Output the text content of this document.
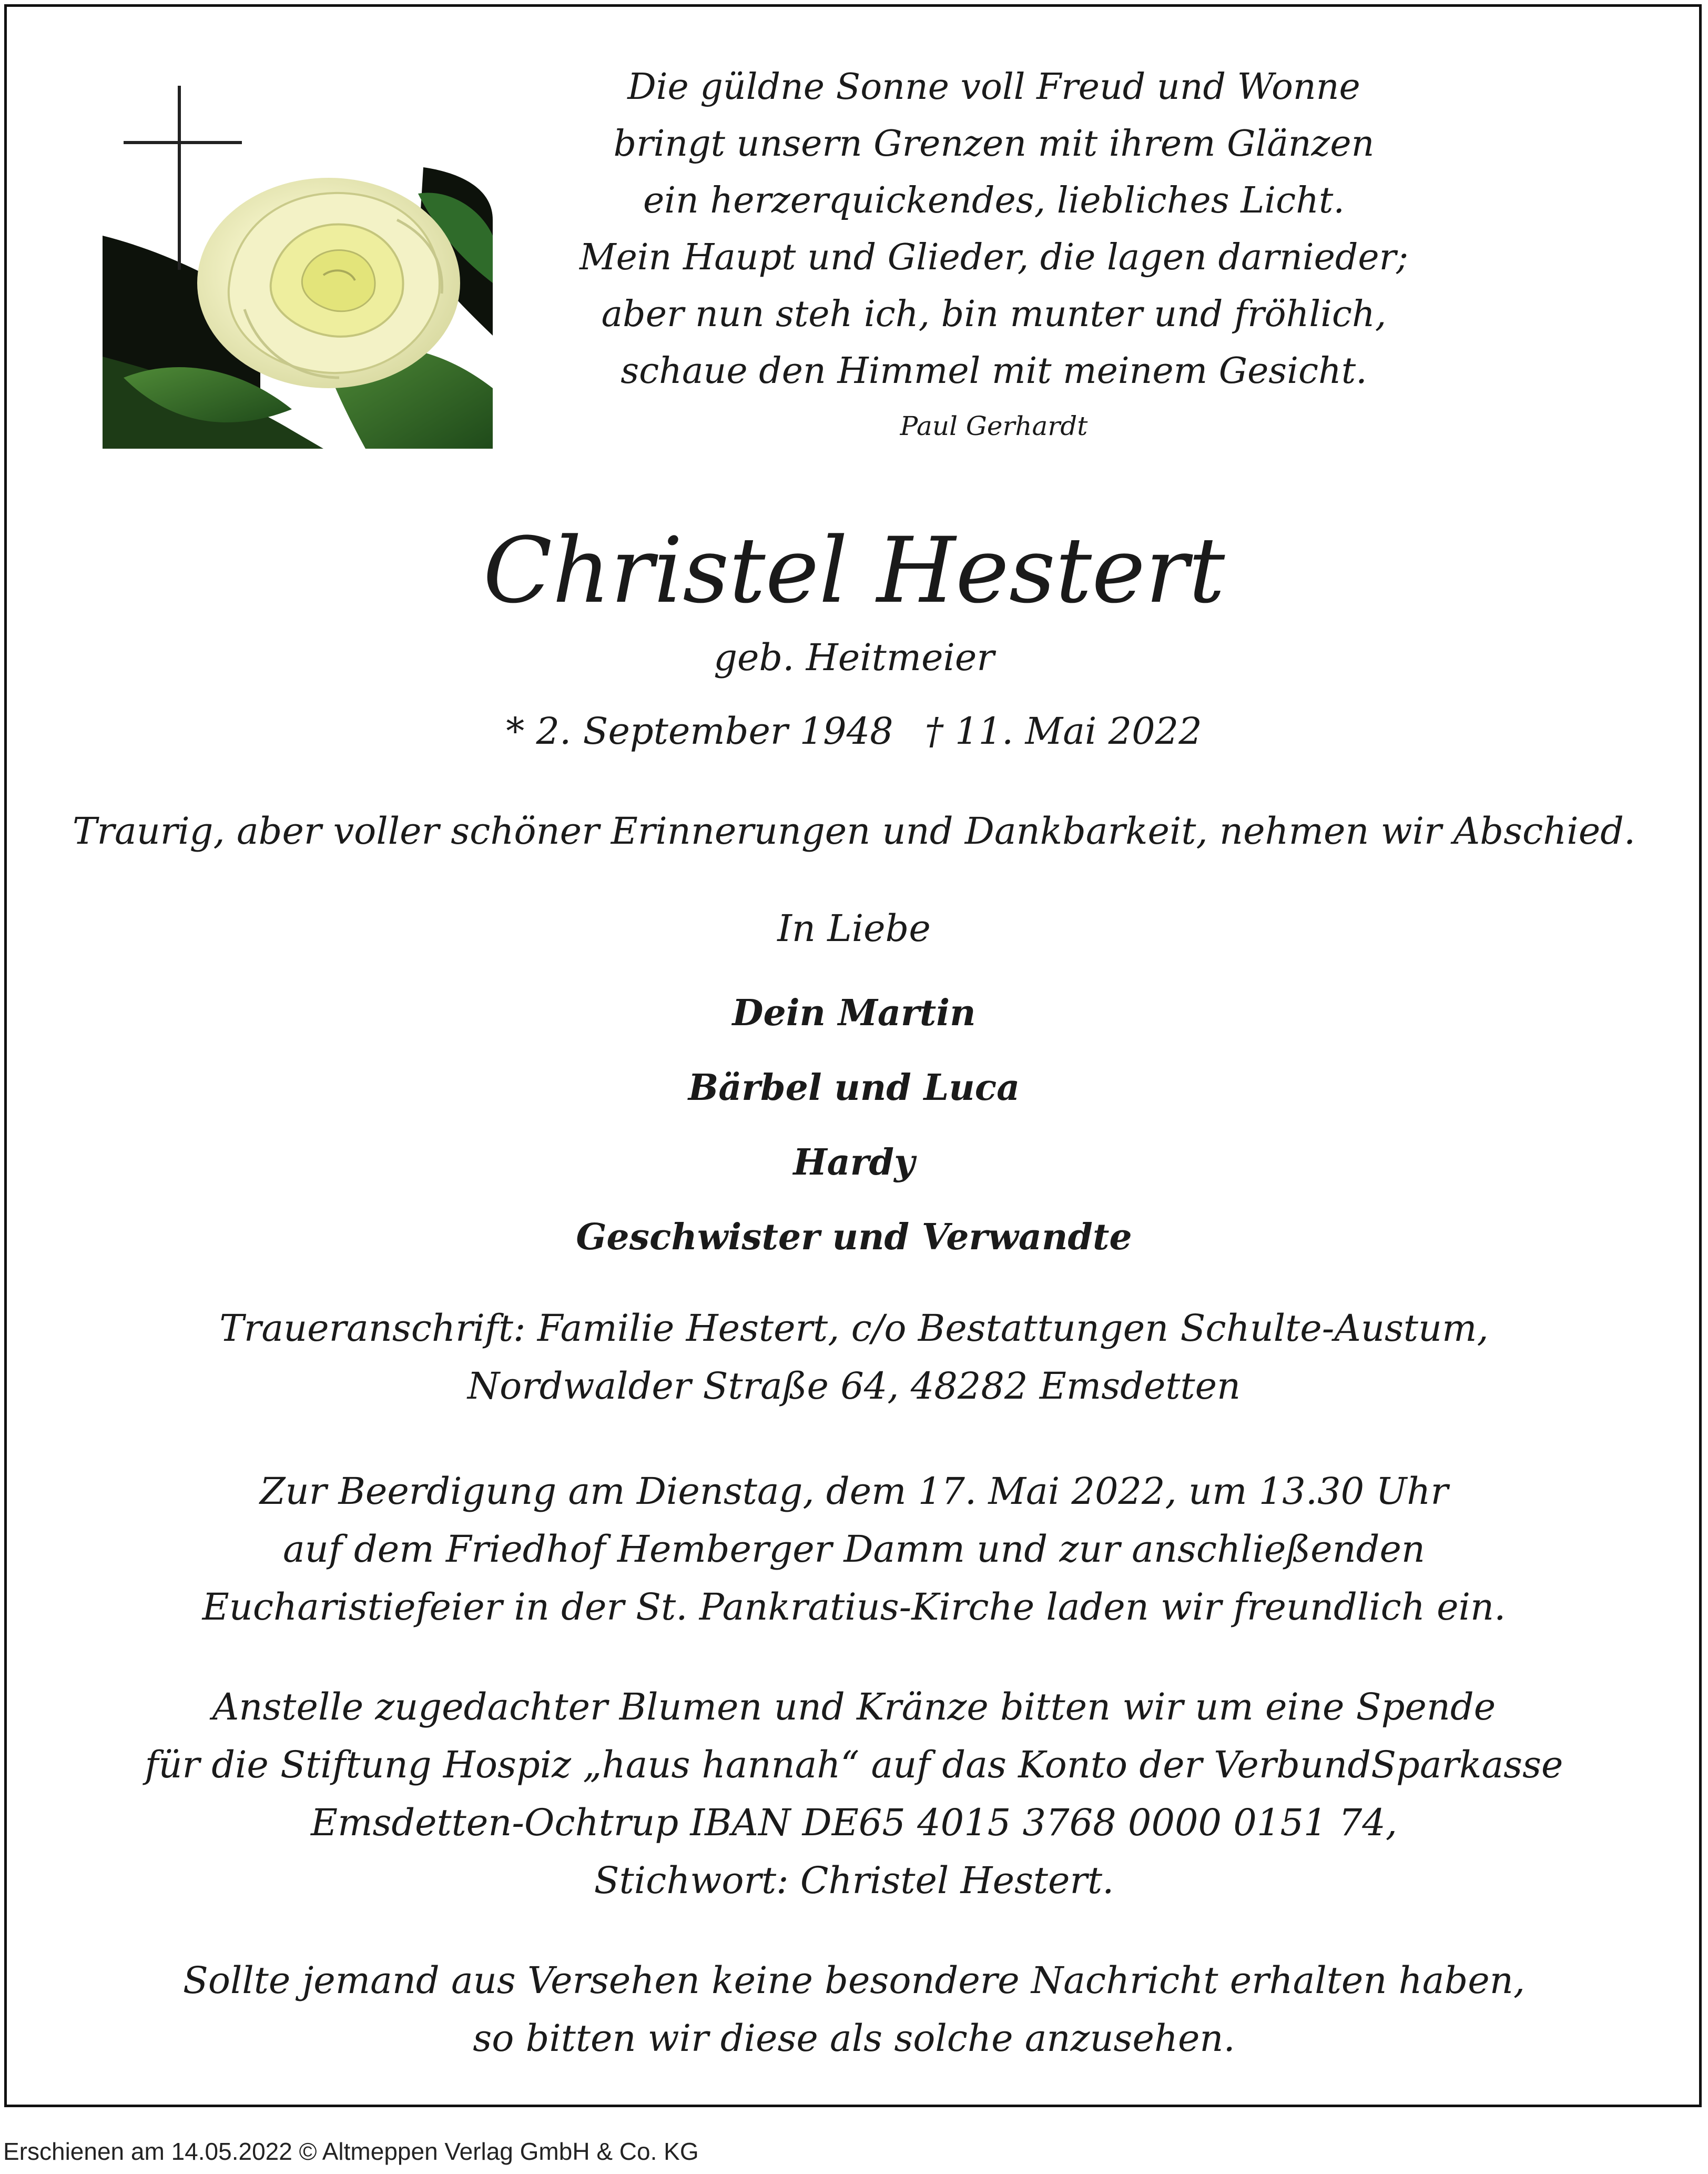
Die güldne Sonne voll Freud und Wonne
bringt unsern Grenzen mit ihrem Glänzen
ein herzerquickendes, liebliches Licht.
Mein Haupt und Glieder, die lagen darnieder;
aber nun steh ich, bin munter und fröhlich,
schaue den Himmel mit meinem Gesicht.
Paul Gerhardt
Christel Hestert
geb. Heitmeier
* 2. September 1948 † 11. Mai 2022
Traurig, aber voller schöner Erinnerungen und Dankbarkeit, nehmen wir Abschied.
In Liebe
Dein Martin
Bärbel und Luca
Hardy
Geschwister und Verwandte
Traueranschrift: Familie Hestert, c/o Bestattungen Schulte-Austum,
Nordwalder Straße 64, 48282 Emsdetten
Zur Beerdigung am Dienstag, dem 17. Mai 2022, um 13.30 Uhr
auf dem Friedhof Hemberger Damm und zur anschließenden
Eucharistiefeier in der St. Pankratius-Kirche laden wir freundlich ein.
Anstelle zugedachter Blumen und Kränze bitten wir um eine Spende
für die Stiftung Hospiz „haus hannah“ auf das Konto der VerbundSparkasse
Emsdetten-Ochtrup IBAN DE65 4015 3768 0000 0151 74,
Stichwort: Christel Hestert.
Sollte jemand aus Versehen keine besondere Nachricht erhalten haben,
so bitten wir diese als solche anzusehen.
Erschienen am 14.05.2022 © Altmeppen Verlag GmbH & Co. KG
